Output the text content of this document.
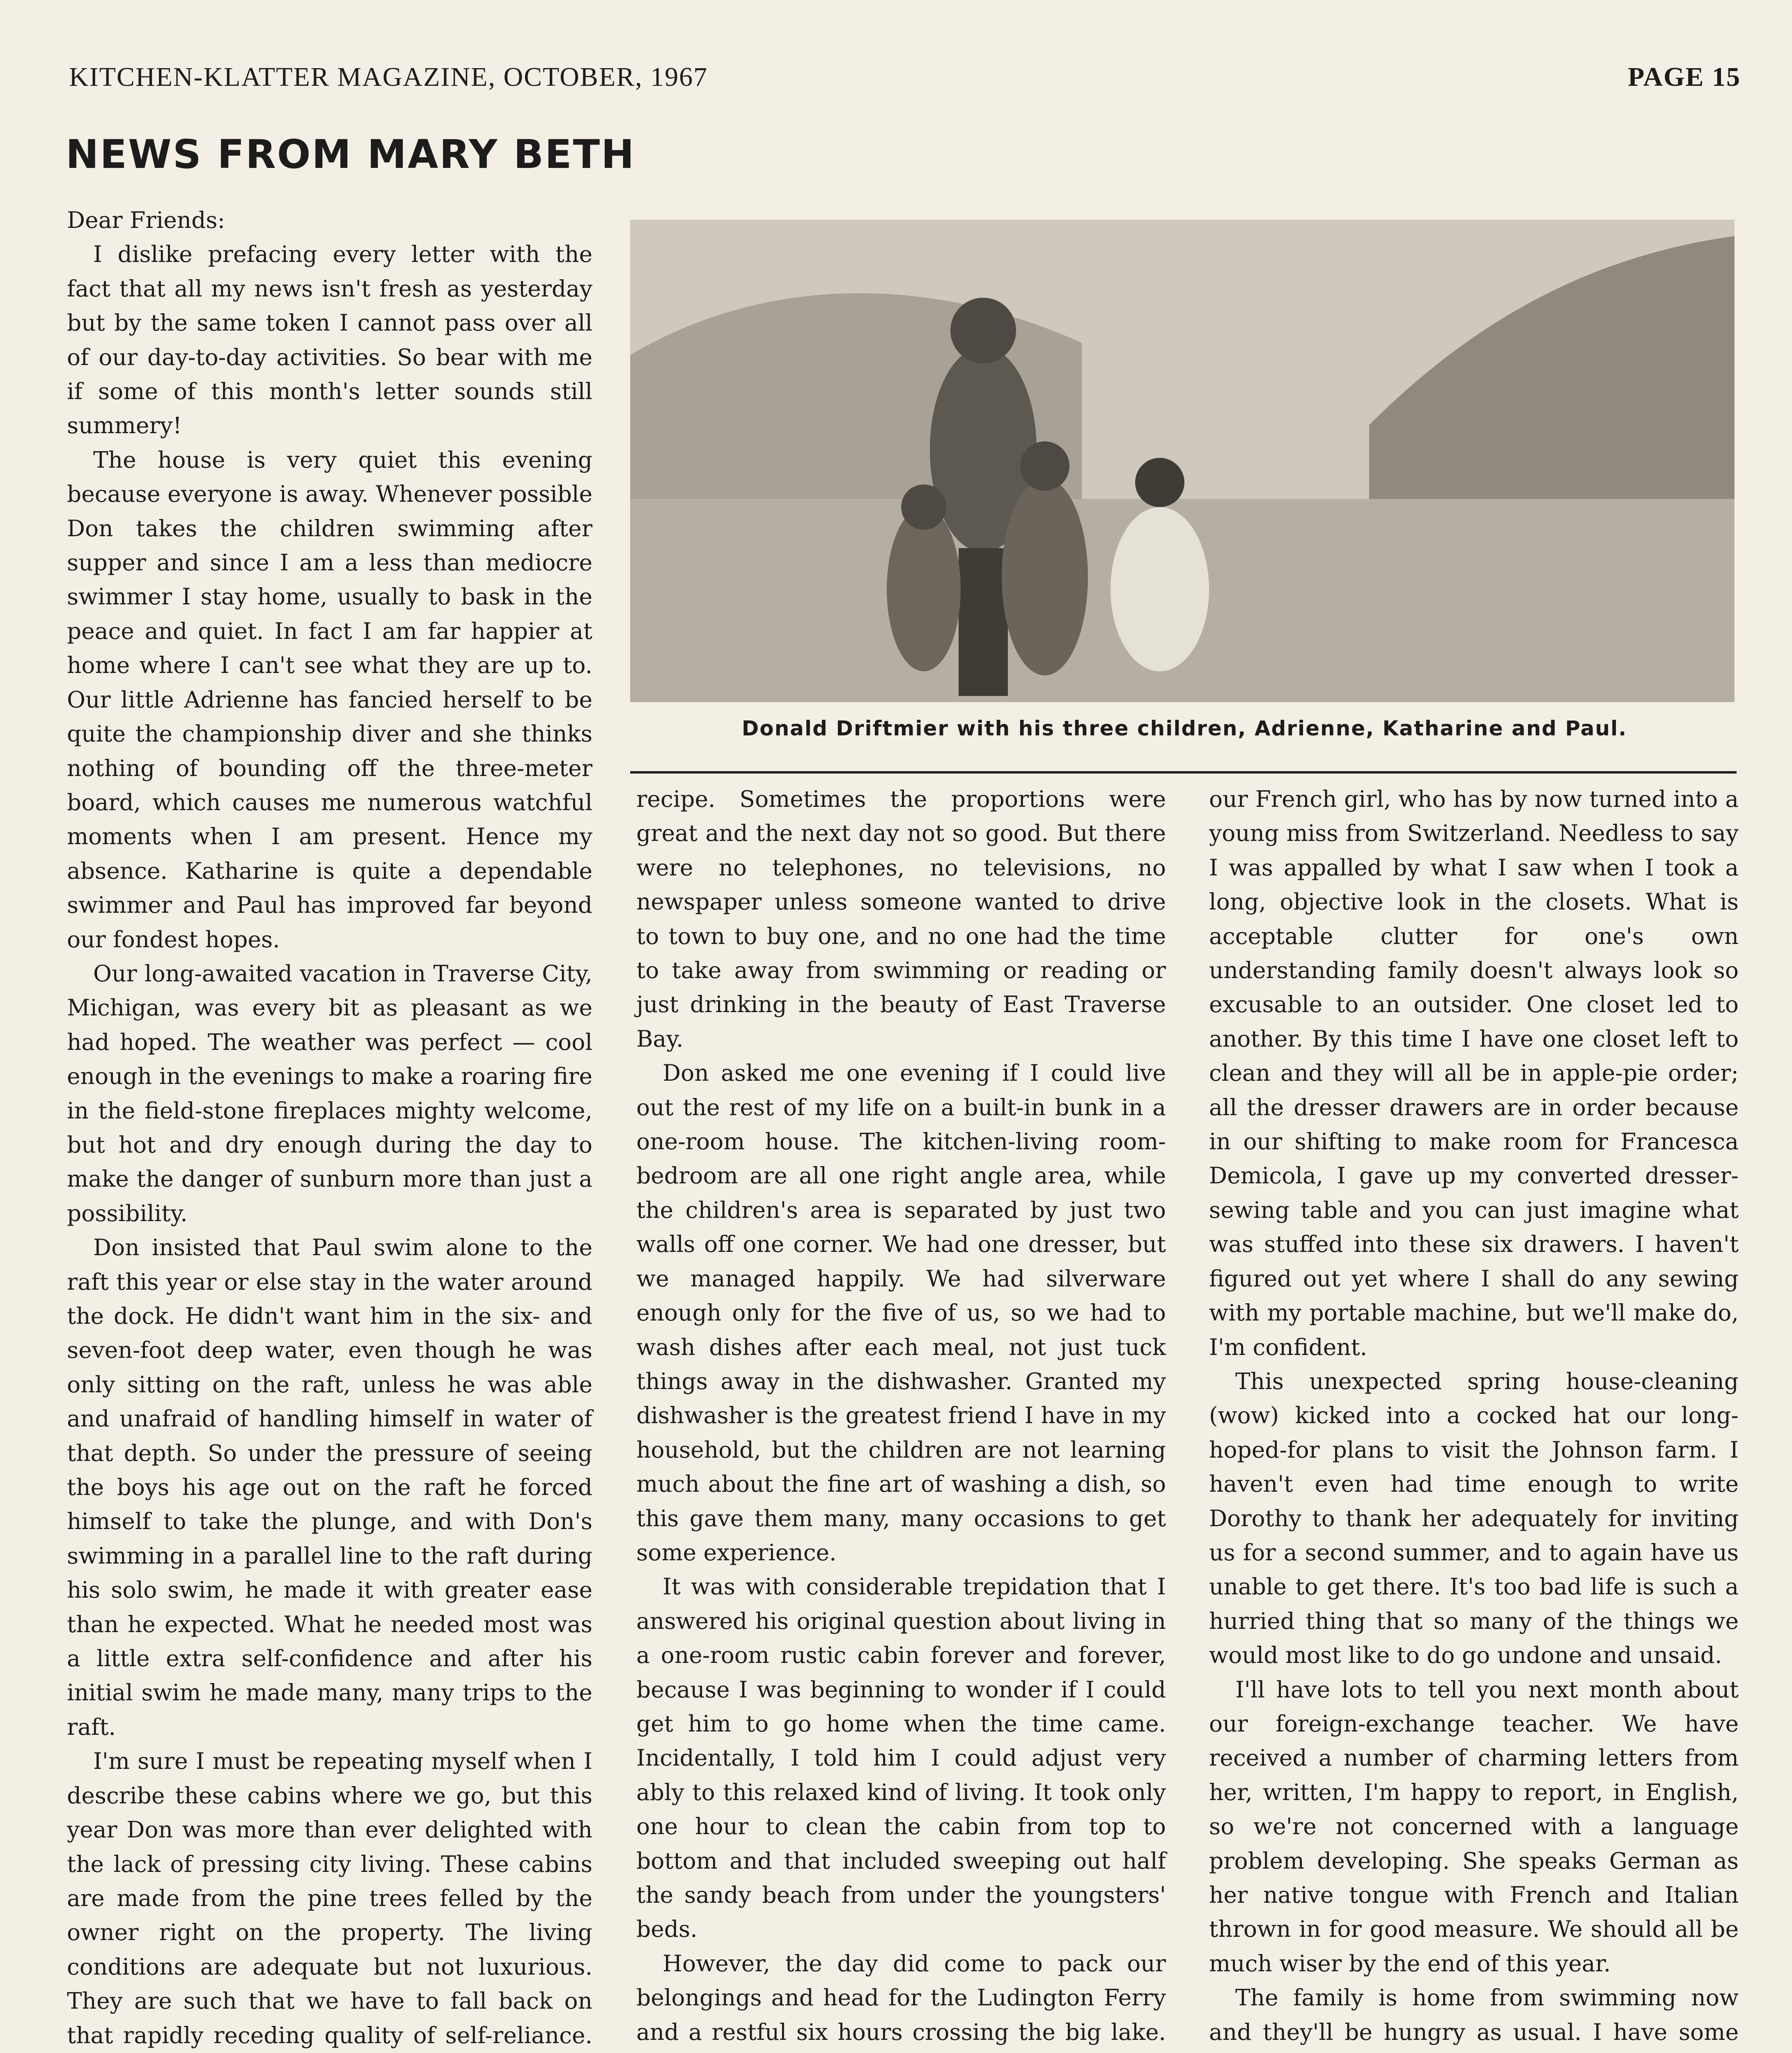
KITCHEN-KLATTER MAGAZINE, OCTOBER, 1967	PAGE 15
NEWS FROM MARY BETH
Donald Driftmier with his three children, Adrienne, Katharine and Paul.

Dear Friends:

I dislike prefacing every letter with the fact that all my news isn't fresh as yesterday but by the same token I cannot pass over all of our day-to-day activities. So bear with me if some of this month's letter sounds still summery!

The house is very quiet this evening because everyone is away. Whenever possible Don takes the children swimming after supper and since I am a less than mediocre swimmer I stay home, usually to bask in the peace and quiet. In fact I am far happier at home where I can't see what they are up to. Our little Adrienne has fancied herself to be quite the championship diver and she thinks nothing of bounding off the three-meter board, which causes me numerous watchful moments when I am present. Hence my absence. Katharine is quite a dependable swimmer and Paul has improved far beyond our fondest hopes.

Our long-awaited vacation in Traverse City, Michigan, was every bit as pleasant as we had hoped. The weather was perfect — cool enough in the evenings to make a roaring fire in the field-stone fireplaces mighty welcome, but hot and dry enough during the day to make the danger of sunburn more than just a possibility.

Don insisted that Paul swim alone to the raft this year or else stay in the water around the dock. He didn't want him in the six- and seven-foot deep water, even though he was only sitting on the raft, unless he was able and unafraid of handling himself in water of that depth. So under the pressure of seeing the boys his age out on the raft he forced himself to take the plunge, and with Don's swimming in a parallel line to the raft during his solo swim, he made it with greater ease than he expected. What he needed most was a little extra self-confidence and after his initial swim he made many, many trips to the raft.

I'm sure I must be repeating myself when I describe these cabins where we go, but this year Don was more than ever delighted with the lack of pressing city living. These cabins are made from the pine trees felled by the owner right on the property. The living conditions are adequate but not luxurious. They are such that we have to fall back on that rapidly receding quality of self-reliance.

recipe. Sometimes the proportions were great and the next day not so good. But there were no telephones, no televisions, no newspaper unless someone wanted to drive to town to buy one, and no one had the time to take away from swimming or reading or just drinking in the beauty of East Traverse Bay.

Don asked me one evening if I could live out the rest of my life on a built-in bunk in a one-room house. The kitchen-living room-bedroom are all one right angle area, while the children's area is separated by just two walls off one corner. We had one dresser, but we managed happily. We had silverware enough only for the five of us, so we had to wash dishes after each meal, not just tuck things away in the dishwasher. Granted my dishwasher is the greatest friend I have in my household, but the children are not learning much about the fine art of washing a dish, so this gave them many, many occasions to get some experience.

It was with considerable trepidation that I answered his original question about living in a one-room rustic cabin forever and forever, because I was beginning to wonder if I could get him to go home when the time came. Incidentally, I told him I could adjust very ably to this relaxed kind of living. It took only one hour to clean the cabin from top to bottom and that included sweeping out half the sandy beach from under the youngsters' beds.

However, the day did come to pack our belongings and head for the Ludington Ferry and a restful six hours crossing the big lake.

our French girl, who has by now turned into a young miss from Switzerland. Needless to say I was appalled by what I saw when I took a long, objective look in the closets. What is acceptable clutter for one's own understanding family doesn't always look so excusable to an outsider. One closet led to another. By this time I have one closet left to clean and they will all be in apple-pie order; all the dresser drawers are in order because in our shifting to make room for Francesca Demicola, I gave up my converted dresser-sewing table and you can just imagine what was stuffed into these six drawers. I haven't figured out yet where I shall do any sewing with my portable machine, but we'll make do, I'm confident.

This unexpected spring house-cleaning (wow) kicked into a cocked hat our long-hoped-for plans to visit the Johnson farm. I haven't even had time enough to write Dorothy to thank her adequately for inviting us for a second summer, and to again have us unable to get there. It's too bad life is such a hurried thing that so many of the things we would most like to do go undone and unsaid.

I'll have lots to tell you next month about our foreign-exchange teacher. We have received a number of charming letters from her, written, I'm happy to report, in English, so we're not concerned with a language problem developing. She speaks German as her native tongue with French and Italian thrown in for good measure. We should all be much wiser by the end of this year.

The family is home from swimming now and they'll be hungry as usual. I have some
